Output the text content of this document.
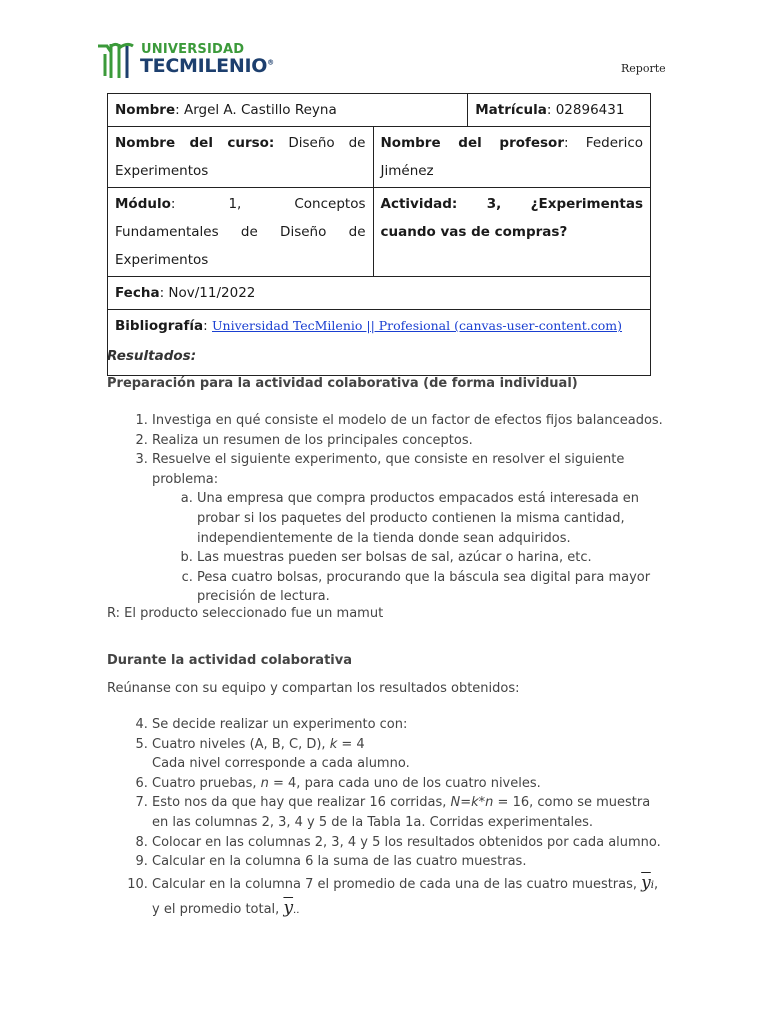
UNIVERSIDAD
TECMILENIO®	Reporte
Nombre: Argel A. Castillo Reyna		Matrícula: 02896431
Nombre del curso: Diseño de Experimentos	Nombre del profesor: Federico Jiménez	
Módulo: 1, Conceptos Fundamentales de Diseño de Experimentos	Actividad: 3, ¿Experimentas cuando vas de compras?	
Fecha: Nov/11/2022		
Bibliografía: Universidad TecMilenio || Profesional (canvas-user-content.com)		
Resultados:
Preparación para la actividad colaborativa (de forma individual)
1. Investiga en qué consiste el modelo de un factor de efectos fijos balanceados.
2. Realiza un resumen de los principales conceptos.
3. Resuelve el siguiente experimento, que consiste en resolver el siguiente problema:
a. Una empresa que compra productos empacados está interesada en probar si los paquetes del producto contienen la misma cantidad, independientemente de la tienda donde sean adquiridos.
b. Las muestras pueden ser bolsas de sal, azúcar o harina, etc.
c. Pesa cuatro bolsas, procurando que la báscula sea digital para mayor precisión de lectura.
R: El producto seleccionado fue un mamut
Durante la actividad colaborativa
Reúnanse con su equipo y compartan los resultados obtenidos:
4. Se decide realizar un experimento con:
5. Cuatro niveles (A, B, C, D), k = 4
Cada nivel corresponde a cada alumno.
6. Cuatro pruebas, n = 4, para cada uno de los cuatro niveles.
7. Esto nos da que hay que realizar 16 corridas, N=k*n = 16, como se muestra en las columnas 2, 3, 4 y 5 de la Tabla 1a. Corridas experimentales.
8. Colocar en las columnas 2, 3, 4 y 5 los resultados obtenidos por cada alumno.
9. Calcular en la columna 6 la suma de las cuatro muestras.
10. Calcular en la columna 7 el promedio de cada una de las cuatro muestras, $\overline{y}i$, y el promedio total, $\overline{y}$..
